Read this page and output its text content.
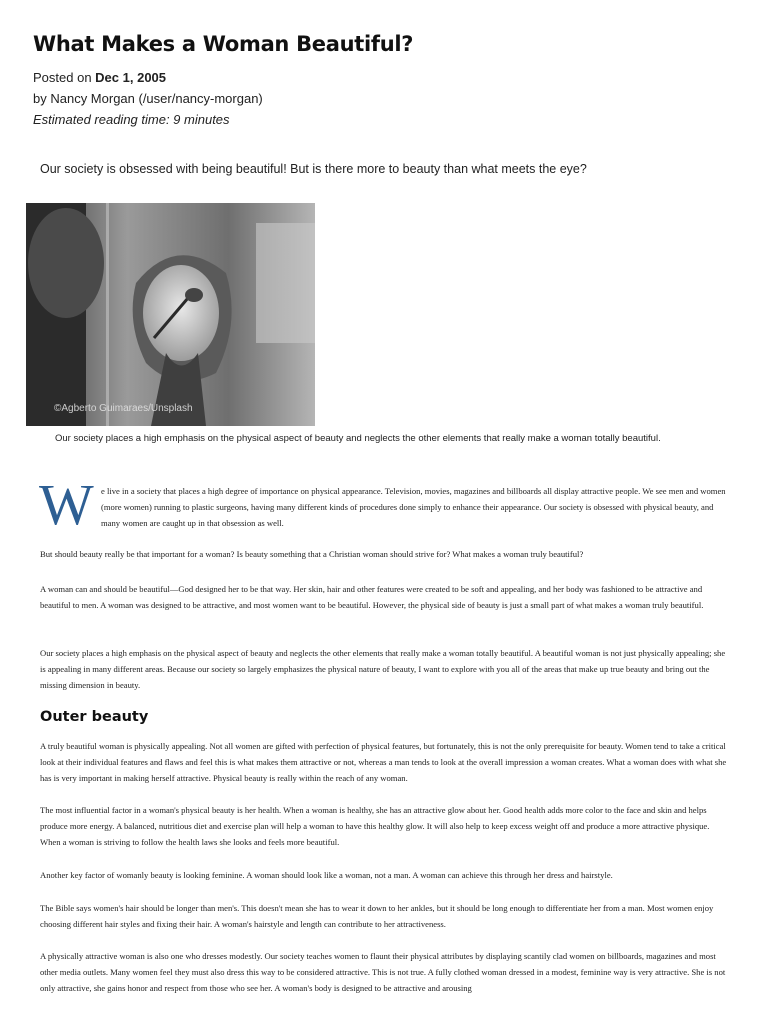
What Makes a Woman Beautiful?
Posted on Dec 1, 2005
by Nancy Morgan (/user/nancy-morgan)
Estimated reading time: 9 minutes
Our society is obsessed with being beautiful! But is there more to beauty than what meets the eye?
©Agberto Guimaraes/Unsplash
Our society places a high emphasis on the physical aspect of beauty and neglects the other elements that really make a woman totally beautiful.
W e live in a society that places a high degree of importance on physical appearance. Television, movies, magazines and billboards all display attractive people. We see men and women (more women) running to plastic surgeons, having many different kinds of procedures done simply to enhance their appearance. Our society is obsessed with physical beauty, and many women are caught up in that obsession as well.

But should beauty really be that important for a woman? Is beauty something that a Christian woman should strive for? What makes a woman truly beautiful?

A woman can and should be beautiful—God designed her to be that way. Her skin, hair and other features were created to be soft and appealing, and her body was fashioned to be attractive and beautiful to men. A woman was designed to be attractive, and most women want to be beautiful. However, the physical side of beauty is just a small part of what makes a woman truly beautiful.

Our society places a high emphasis on the physical aspect of beauty and neglects the other elements that really make a woman totally beautiful. A beautiful woman is not just physically appealing; she is appealing in many different areas. Because our society so largely emphasizes the physical nature of beauty, I want to explore with you all of the areas that make up true beauty and bring out the missing dimension in beauty.

Outer beauty

A truly beautiful woman is physically appealing. Not all women are gifted with perfection of physical features, but fortunately, this is not the only prerequisite for beauty. Women tend to take a critical look at their individual features and flaws and feel this is what makes them attractive or not, whereas a man tends to look at the overall impression a woman creates. What a woman does with what she has is very important in making herself attractive. Physical beauty is really within the reach of any woman.

The most influential factor in a woman's physical beauty is her health. When a woman is healthy, she has an attractive glow about her. Good health adds more color to the face and skin and helps produce more energy. A balanced, nutritious diet and exercise plan will help a woman to have this healthy glow. It will also help to keep excess weight off and produce a more attractive physique. When a woman is striving to follow the health laws she looks and feels more beautiful.

Another key factor of womanly beauty is looking feminine. A woman should look like a woman, not a man. A woman can achieve this through her dress and hairstyle.

The Bible says women's hair should be longer than men's. This doesn't mean she has to wear it down to her ankles, but it should be long enough to differentiate her from a man. Most women enjoy choosing different hair styles and fixing their hair. A woman's hairstyle and length can contribute to her attractiveness.

A physically attractive woman is also one who dresses modestly. Our society teaches women to flaunt their physical attributes by displaying scantily clad women on billboards, magazines and most other media outlets. Many women feel they must also dress this way to be considered attractive. This is not true. A fully clothed woman dressed in a modest, feminine way is very attractive. She is not only attractive, she gains honor and respect from those who see her. A woman's body is designed to be attractive and arousing
